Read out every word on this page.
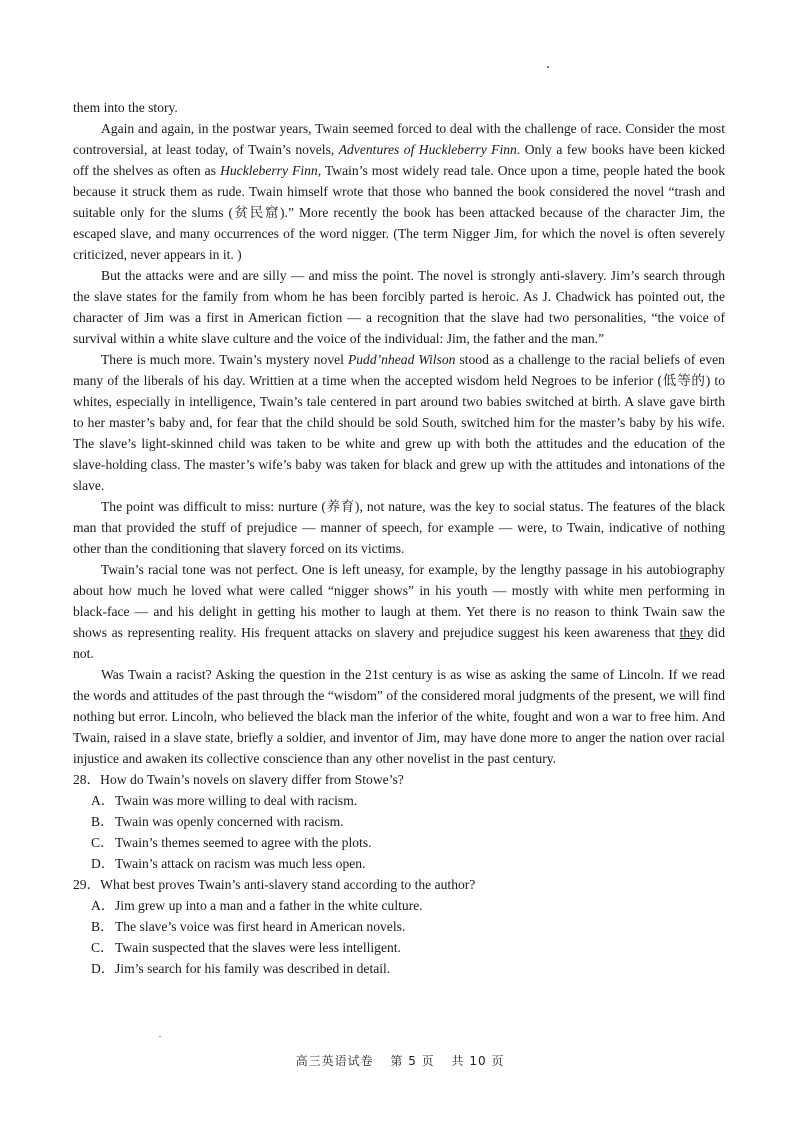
them into the story.

Again and again, in the postwar years, Twain seemed forced to deal with the challenge of race. Consider the most controversial, at least today, of Twain’s novels, Adventures of Huckleberry Finn. Only a few books have been kicked off the shelves as often as Huckleberry Finn, Twain’s most widely read tale. Once upon a time, people hated the book because it struck them as rude. Twain himself wrote that those who banned the book considered the novel “trash and suitable only for the slums (贫民窟).” More recently the book has been attacked because of the character Jim, the escaped slave, and many occurrences of the word nigger. (The term Nigger Jim, for which the novel is often severely criticized, never appears in it. )

But the attacks were and are silly — and miss the point. The novel is strongly anti-slavery. Jim’s search through the slave states for the family from whom he has been forcibly parted is heroic. As J. Chadwick has pointed out, the character of Jim was a first in American fiction — a recognition that the slave had two personalities, “the voice of survival within a white slave culture and the voice of the individual: Jim, the father and the man.”

There is much more. Twain’s mystery novel Pudd’nhead Wilson stood as a challenge to the racial beliefs of even many of the liberals of his day. Writtien at a time when the accepted wisdom held Negroes to be inferior (低等的) to whites, especially in intelligence, Twain’s tale centered in part around two babies switched at birth. A slave gave birth to her master’s baby and, for fear that the child should be sold South, switched him for the master’s baby by his wife. The slave’s light-skinned child was taken to be white and grew up with both the attitudes and the education of the slave-holding class. The master’s wife’s baby was taken for black and grew up with the attitudes and intonations of the slave.

The point was difficult to miss: nurture (养育), not nature, was the key to social status. The features of the black man that provided the stuff of prejudice — manner of speech, for example — were, to Twain, indicative of nothing other than the conditioning that slavery forced on its victims.

Twain’s racial tone was not perfect. One is left uneasy, for example, by the lengthy passage in his autobiography about how much he loved what were called “nigger shows” in his youth — mostly with white men performing in black-face — and his delight in getting his mother to laugh at them. Yet there is no reason to think Twain saw the shows as representing reality. His frequent attacks on slavery and prejudice suggest his keen awareness that they did not.

Was Twain a racist? Asking the question in the 21st century is as wise as asking the same of Lincoln. If we read the words and attitudes of the past through the “wisdom” of the considered moral judgments of the present, we will find nothing but error. Lincoln, who believed the black man the inferior of the white, fought and won a war to free him. And Twain, raised in a slave state, briefly a soldier, and inventor of Jim, may have done more to anger the nation over racial injustice and awaken its collective conscience than any other novelist in the past century.

28．How do Twain’s novels on slavery differ from Stowe’s?

A．Twain was more willing to deal with racism.
B．Twain was openly concerned with racism.
C．Twain’s themes seemed to agree with the plots.
D．Twain’s attack on racism was much less open.

29．What best proves Twain’s anti-slavery stand according to the author?

A．Jim grew up into a man and a father in the white culture.
B．The slave’s voice was first heard in American novels.
C．Twain suspected that the slaves were less intelligent.
D．Jim’s search for his family was described in detail.
高三英语试卷 第 5 页 共 10 页
